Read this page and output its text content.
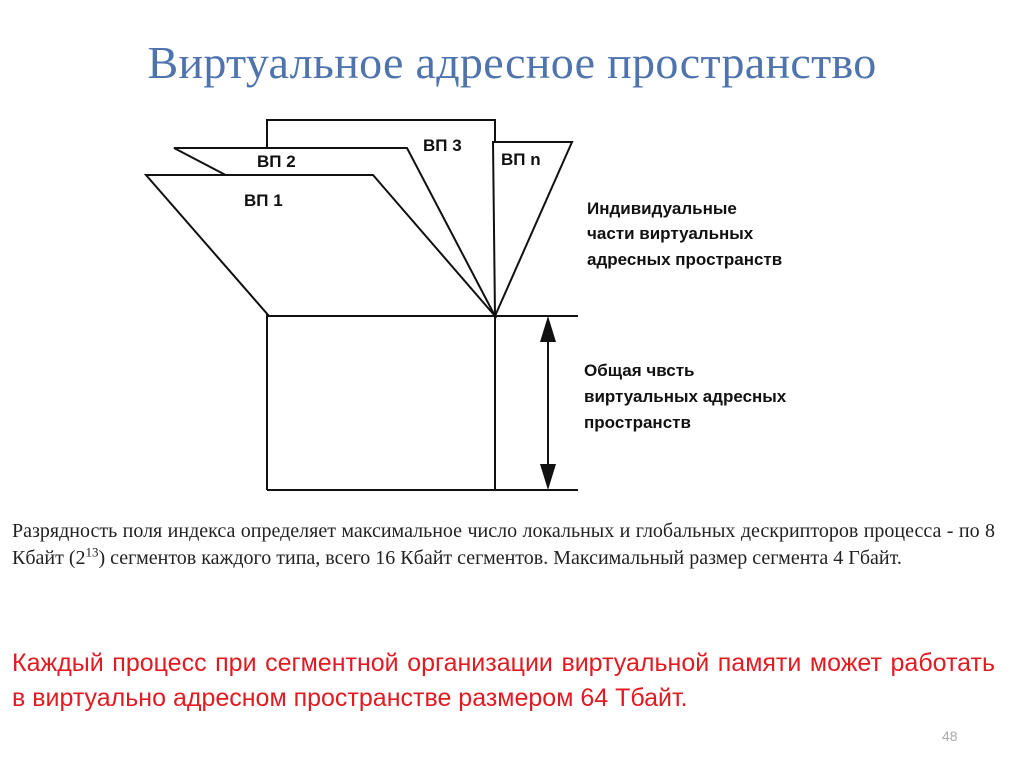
Виртуальное адресное пространство
ВП 1
ВП 2
ВП 3
ВП n
Индивидуальные
части виртуальных
адресных пространств
Общая чвсть
виртуальных адресных
пространств

Разрядность поля индекса определяет максимальное число локальных и глобальных дескрипторов процесса - по 8 Кбайт $(2^{13})$ сегментов каждого типа, всего 16 Кбайт сегментов. Максимальный размер сегмента 4 Гбайт.

Каждый процесс при сегментной организации виртуальной памяти может работать в виртуально адресном пространстве размером 64 Тбайт.

48
